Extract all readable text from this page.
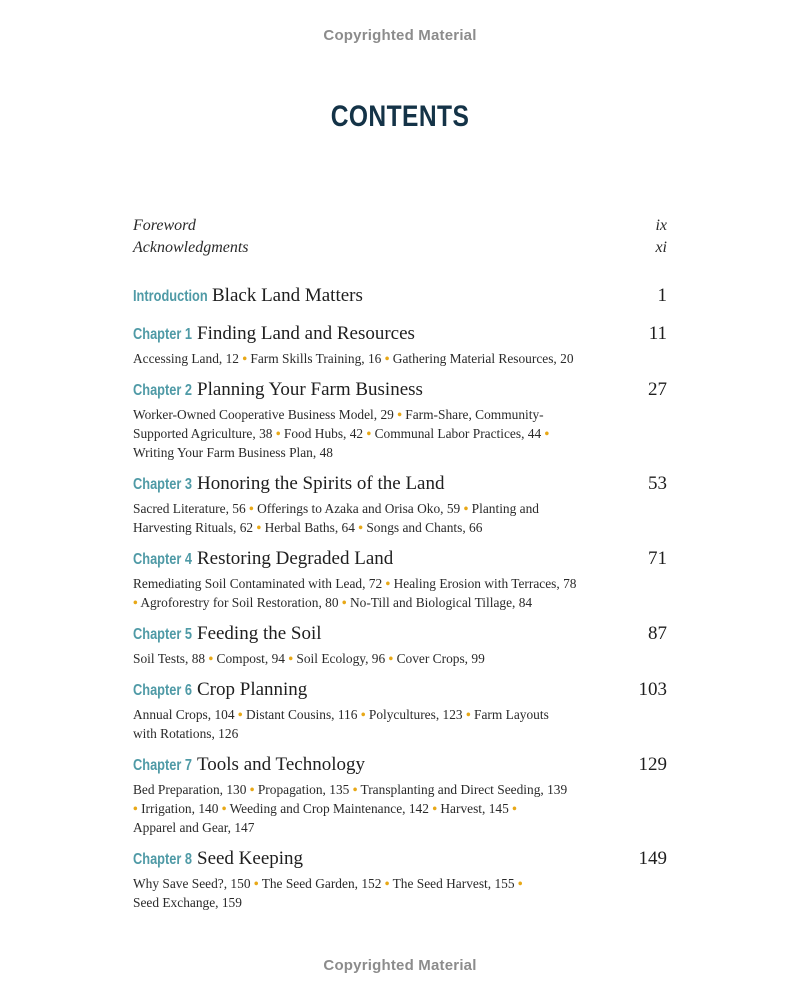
Copyrighted Material
CONTENTS
Foreword	ix
Acknowledgments	xi
Introduction Black Land Matters	1
Chapter 1 Finding Land and Resources	11
Accessing Land, 12 • Farm Skills Training, 16 • Gathering Material Resources, 20
Chapter 2 Planning Your Farm Business	27
Worker-Owned Cooperative Business Model, 29 • Farm-Share, Community-
Supported Agriculture, 38 • Food Hubs, 42 • Communal Labor Practices, 44 •
Writing Your Farm Business Plan, 48
Chapter 3 Honoring the Spirits of the Land	53
Sacred Literature, 56 • Offerings to Azaka and Orisa Oko, 59 • Planting and
Harvesting Rituals, 62 • Herbal Baths, 64 • Songs and Chants, 66
Chapter 4 Restoring Degraded Land	71
Remediating Soil Contaminated with Lead, 72 • Healing Erosion with Terraces, 78
• Agroforestry for Soil Restoration, 80 • No-Till and Biological Tillage, 84
Chapter 5 Feeding the Soil	87
Soil Tests, 88 • Compost, 94 • Soil Ecology, 96 • Cover Crops, 99
Chapter 6 Crop Planning	103
Annual Crops, 104 • Distant Cousins, 116 • Polycultures, 123 • Farm Layouts
with Rotations, 126
Chapter 7 Tools and Technology	129
Bed Preparation, 130 • Propagation, 135 • Transplanting and Direct Seeding, 139
• Irrigation, 140 • Weeding and Crop Maintenance, 142 • Harvest, 145 •
Apparel and Gear, 147
Chapter 8 Seed Keeping	149
Why Save Seed?, 150 • The Seed Garden, 152 • The Seed Harvest, 155 •
Seed Exchange, 159
Copyrighted Material
